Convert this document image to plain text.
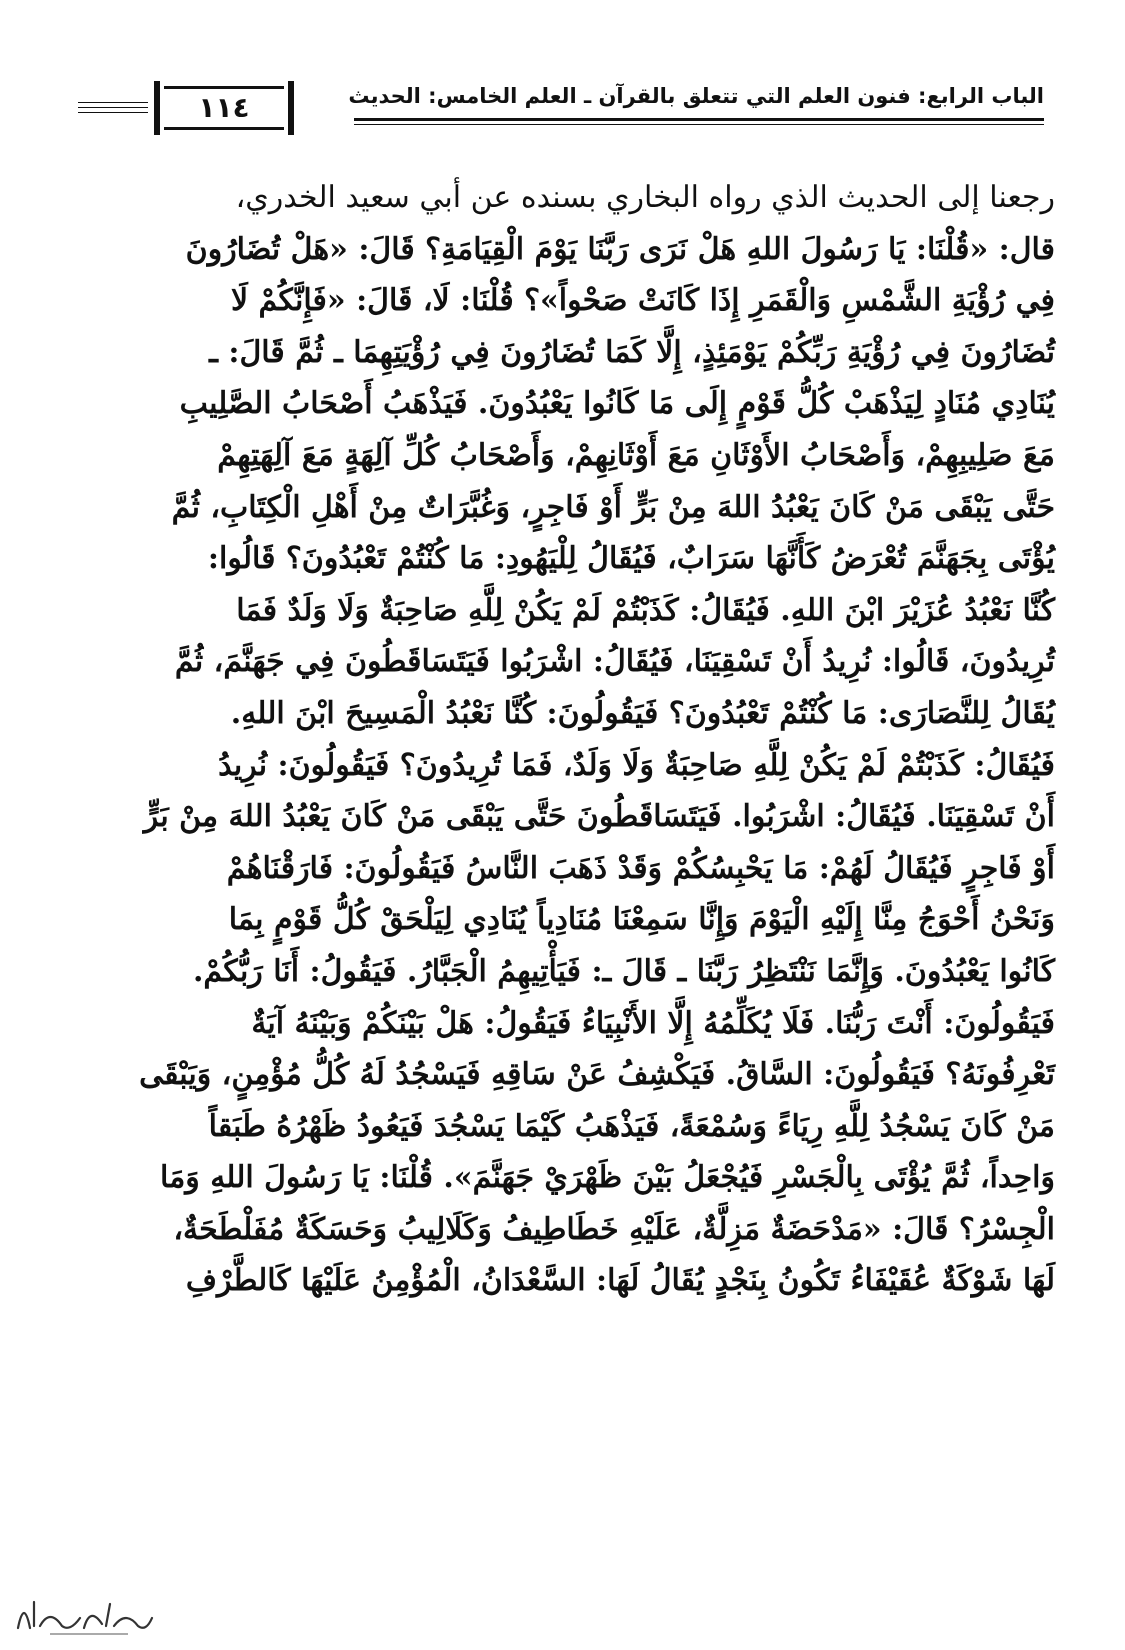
الباب الرابع: فنون العلم التي تتعلق بالقرآن ـ العلم الخامس: الحديث
١١٤

رجعنا إلى الحديث الذي رواه البخاري بسنده عن أبي سعيد الخدري،

قال: «قُلْنَا: يَا رَسُولَ اللهِ هَلْ نَرَى رَبَّنَا يَوْمَ الْقِيَامَةِ؟ قَالَ: «هَلْ تُضَارُونَ

فِي رُؤْيَةِ الشَّمْسِ وَالْقَمَرِ إِذَا كَانَتْ صَحْواً»؟ قُلْنَا: لَا، قَالَ: «فَإِنَّكُمْ لَا

تُضَارُونَ فِي رُؤْيَةِ رَبِّكُمْ يَوْمَئِذٍ، إِلَّا كَمَا تُضَارُونَ فِي رُؤْيَتِهِمَا ـ ثُمَّ قَالَ: ـ

يُنَادِي مُنَادٍ لِيَذْهَبْ كُلُّ قَوْمٍ إِلَى مَا كَانُوا يَعْبُدُونَ. فَيَذْهَبُ أَصْحَابُ الصَّلِيبِ

مَعَ صَلِيبِهِمْ، وَأَصْحَابُ الأَوْثَانِ مَعَ أَوْثَانِهِمْ، وَأَصْحَابُ كُلِّ آلِهَةٍ مَعَ آلِهَتِهِمْ

حَتَّى يَبْقَى مَنْ كَانَ يَعْبُدُ اللهَ مِنْ بَرٍّ أَوْ فَاجِرٍ، وَغُبَّرَاتٌ مِنْ أَهْلِ الْكِتَابِ، ثُمَّ

يُؤْتَى بِجَهَنَّمَ تُعْرَضُ كَأَنَّهَا سَرَابٌ، فَيُقَالُ لِلْيَهُودِ: مَا كُنْتُمْ تَعْبُدُونَ؟ قَالُوا:

كُنَّا نَعْبُدُ عُزَيْرَ ابْنَ اللهِ. فَيُقَالُ: كَذَبْتُمْ لَمْ يَكُنْ لِلَّهِ صَاحِبَةٌ وَلَا وَلَدٌ فَمَا

تُرِيدُونَ، قَالُوا: نُرِيدُ أَنْ تَسْقِيَنَا، فَيُقَالُ: اشْرَبُوا فَيَتَسَاقَطُونَ فِي جَهَنَّمَ، ثُمَّ

يُقَالُ لِلنَّصَارَى: مَا كُنْتُمْ تَعْبُدُونَ؟ فَيَقُولُونَ: كُنَّا نَعْبُدُ الْمَسِيحَ ابْنَ اللهِ.

فَيُقَالُ: كَذَبْتُمْ لَمْ يَكُنْ لِلَّهِ صَاحِبَةٌ وَلَا وَلَدٌ، فَمَا تُرِيدُونَ؟ فَيَقُولُونَ: نُرِيدُ

أَنْ تَسْقِيَنَا. فَيُقَالُ: اشْرَبُوا. فَيَتَسَاقَطُونَ حَتَّى يَبْقَى مَنْ كَانَ يَعْبُدُ اللهَ مِنْ بَرٍّ

أَوْ فَاجِرٍ فَيُقَالُ لَهُمْ: مَا يَحْبِسُكُمْ وَقَدْ ذَهَبَ النَّاسُ فَيَقُولُونَ: فَارَقْنَاهُمْ

وَنَحْنُ أَحْوَجُ مِنَّا إِلَيْهِ الْيَوْمَ وَإِنَّا سَمِعْنَا مُنَادِياً يُنَادِي لِيَلْحَقْ كُلُّ قَوْمٍ بِمَا

كَانُوا يَعْبُدُونَ. وَإِنَّمَا نَنْتَظِرُ رَبَّنَا ـ قَالَ ـ: فَيَأْتِيهِمُ الْجَبَّارُ. فَيَقُولُ: أَنَا رَبُّكُمْ.

فَيَقُولُونَ: أَنْتَ رَبُّنَا. فَلَا يُكَلِّمُهُ إِلَّا الأَنْبِيَاءُ فَيَقُولُ: هَلْ بَيْنَكُمْ وَبَيْنَهُ آيَةٌ

تَعْرِفُونَهُ؟ فَيَقُولُونَ: السَّاقُ. فَيَكْشِفُ عَنْ سَاقِهِ فَيَسْجُدُ لَهُ كُلُّ مُؤْمِنٍ، وَيَبْقَى

مَنْ كَانَ يَسْجُدُ لِلَّهِ رِيَاءً وَسُمْعَةً، فَيَذْهَبُ كَيْمَا يَسْجُدَ فَيَعُودُ ظَهْرُهُ طَبَقاً

وَاحِداً، ثُمَّ يُؤْتَى بِالْجَسْرِ فَيُجْعَلُ بَيْنَ ظَهْرَيْ جَهَنَّمَ». قُلْنَا: يَا رَسُولَ اللهِ وَمَا

الْجِسْرُ؟ قَالَ: «مَدْحَضَةٌ مَزِلَّةٌ، عَلَيْهِ خَطَاطِيفُ وَكَلَالِيبُ وَحَسَكَةٌ مُفَلْطَحَةٌ،

لَهَا شَوْكَةٌ عُقَيْفَاءُ تَكُونُ بِنَجْدٍ يُقَالُ لَهَا: السَّعْدَانُ، الْمُؤْمِنُ عَلَيْهَا كَالطَّرْفِ
